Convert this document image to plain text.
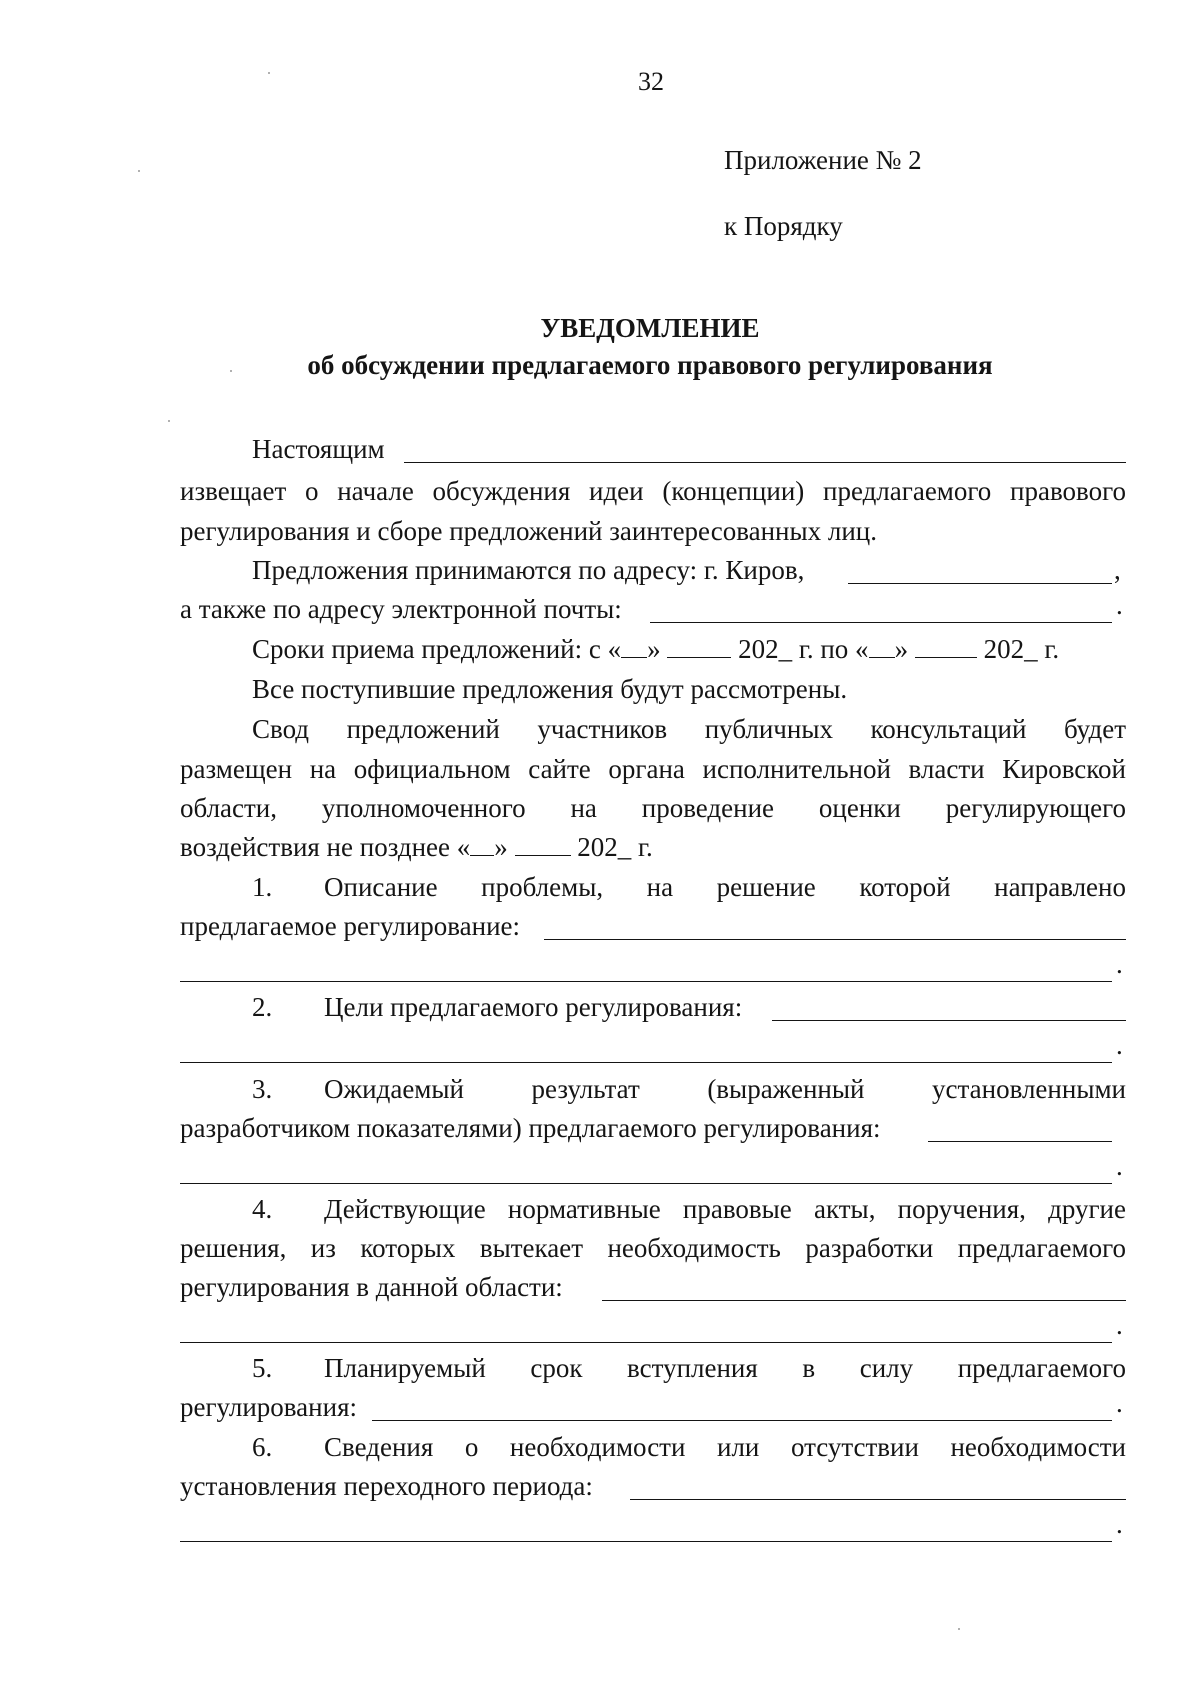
32
Приложение № 2
к Порядку
УВЕДОМЛЕНИЕ
об обсуждении предлагаемого правового регулирования
Настоящим
извещает о начале обсуждения идеи (концепции) предлагаемого правового
регулирования и сборе предложений заинтересованных лиц.
Предложения принимаются по адресу: г. Киров,	,
а также по адресу электронной почты:	.
Сроки приема предложений: с « »	202_ г. по « »	202_ г.
Все поступившие предложения будут рассмотрены.
Свод предложений участников публичных консультаций будет
размещен на официальном сайте органа исполнительной власти Кировской
области, уполномоченного на проведение оценки регулирующего
воздействия не позднее « »	202_ г.
1. Описание проблемы, на решение которой направлено
предлагаемое регулирование:
.
2. Цели предлагаемого регулирования:
.
3. Ожидаемый результат (выраженный установленными
разработчиком показателями) предлагаемого регулирования:
.
4. Действующие нормативные правовые акты, поручения, другие
решения, из которых вытекает необходимость разработки предлагаемого
регулирования в данной области:
.
5. Планируемый срок вступления в силу предлагаемого
регулирования:	.
6. Сведения о необходимости или отсутствии необходимости
установления переходного периода:
.
